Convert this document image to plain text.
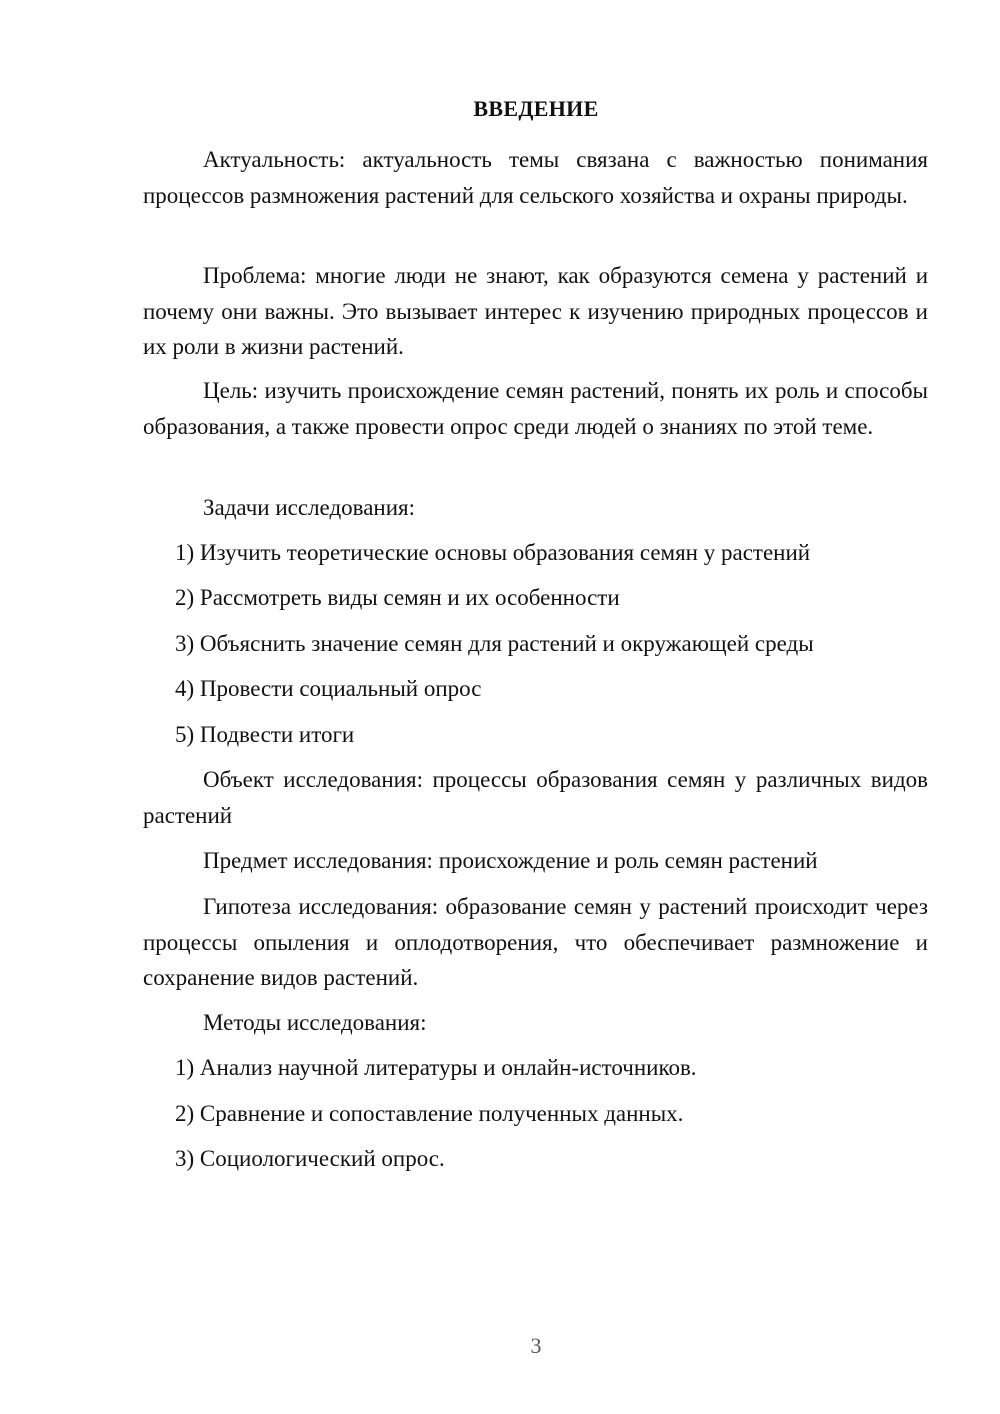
ВВЕДЕНИЕ
Актуальность: актуальность темы связана с важностью понимания процессов размножения растений для сельского хозяйства и охраны природы.
Проблема: многие люди не знают, как образуются семена у растений и почему они важны. Это вызывает интерес к изучению природных процессов и их роли в жизни растений.
Цель: изучить происхождение семян растений, понять их роль и способы образования, а также провести опрос среди людей о знаниях по этой теме.
Задачи исследования:
1) Изучить теоретические основы образования семян у растений
2) Рассмотреть виды семян и их особенности
3) Объяснить значение семян для растений и окружающей среды
4) Провести социальный опрос
5) Подвести итоги
Объект исследования: процессы образования семян у различных видов растений
Предмет исследования: происхождение и роль семян растений
Гипотеза исследования: образование семян у растений происходит через процессы опыления и оплодотворения, что обеспечивает размножение и сохранение видов растений.
Методы исследования:
1) Анализ научной литературы и онлайн-источников.
2) Сравнение и сопоставление полученных данных.
3) Социологический опрос.
3
